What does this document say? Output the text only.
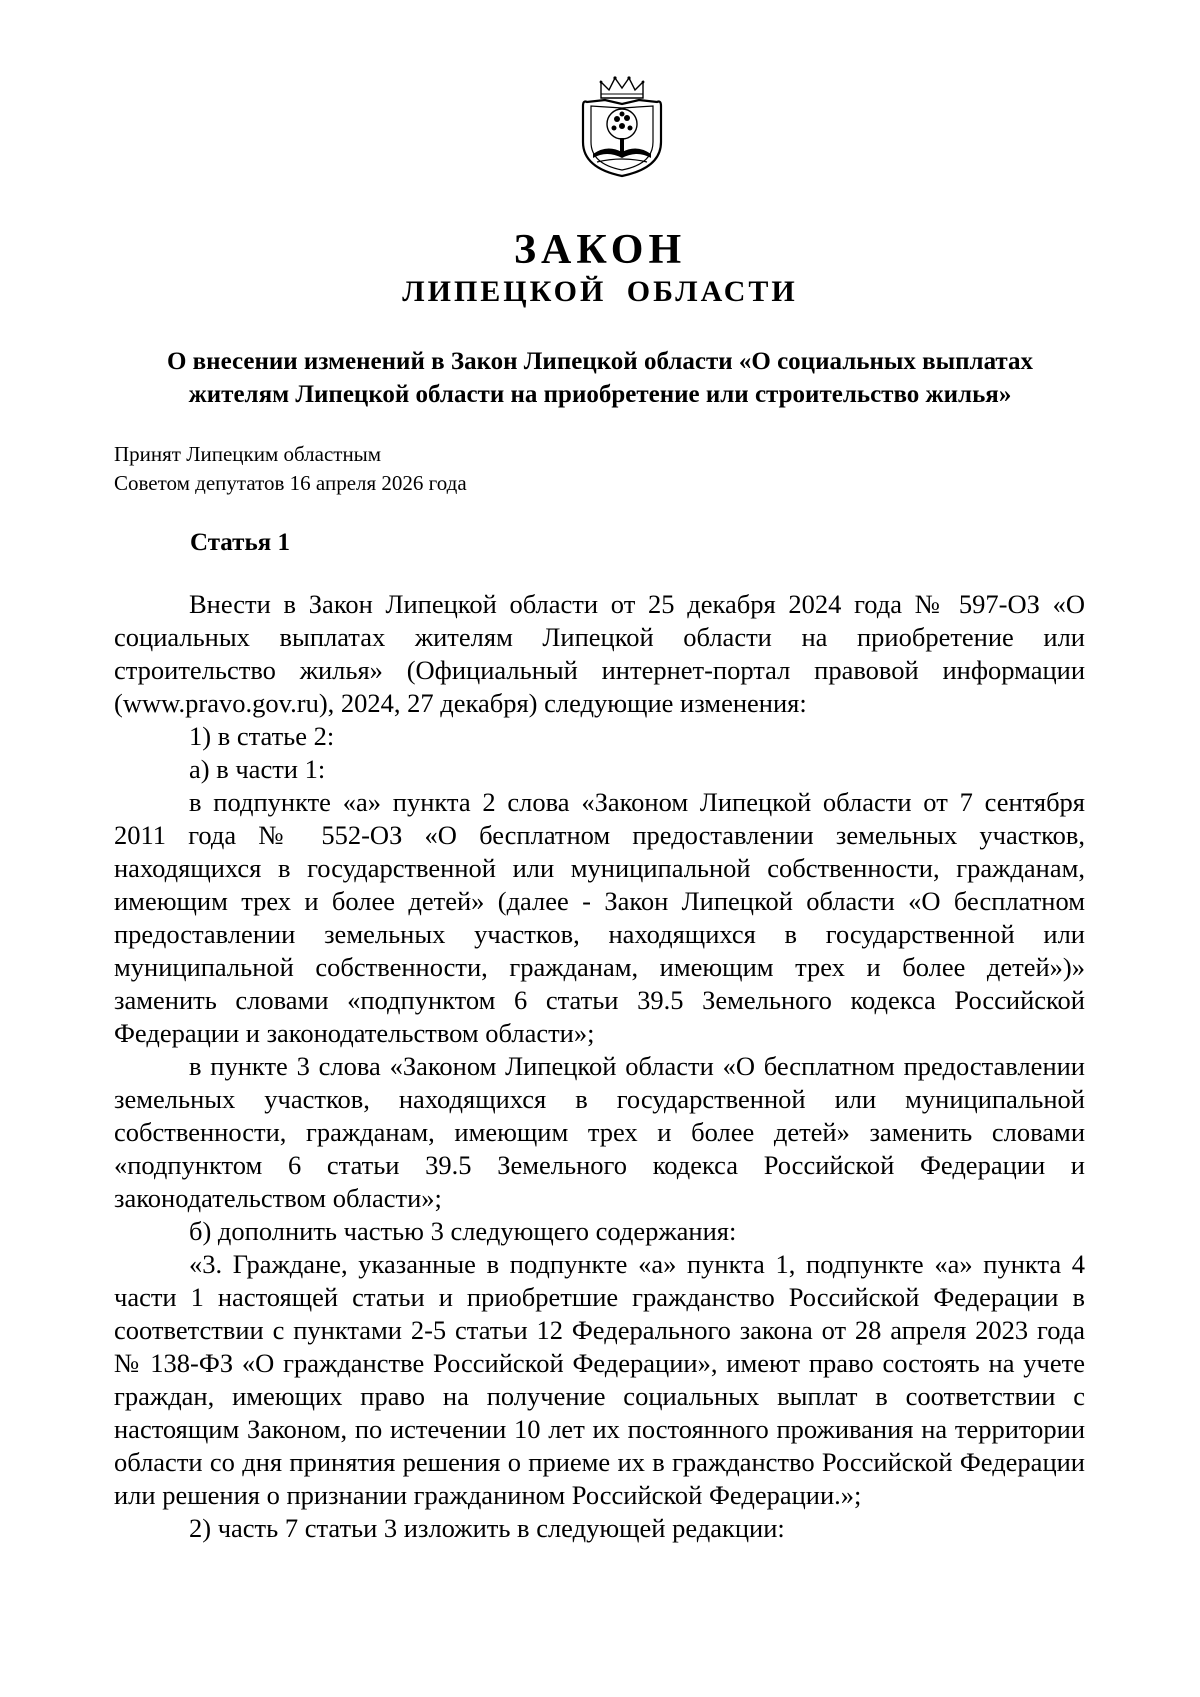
ЗАКОН
ЛИПЕЦКОЙ ОБЛАСТИ
О внесении изменений в Закон Липецкой области «О социальных выплатах жителям Липецкой области на приобретение или строительство жилья»
Принят Липецким областным
Советом депутатов 16 апреля 2026 года
Статья 1

Внести в Закон Липецкой области от 25 декабря 2024 года № 597-ОЗ «О социальных выплатах жителям Липецкой области на приобретение или строительство жилья» (Официальный интернет-портал правовой информации (www.pravo.gov.ru), 2024, 27 декабря) следующие изменения:

1) в статье 2:

а) в части 1:

в подпункте «а» пункта 2 слова «Законом Липецкой области от 7 сентября 2011 года № 552-ОЗ «О бесплатном предоставлении земельных участков, находящихся в государственной или муниципальной собственности, гражданам, имеющим трех и более детей» (далее - Закон Липецкой области «О бесплатном предоставлении земельных участков, находящихся в государственной или муниципальной собственности, гражданам, имеющим трех и более детей»)» заменить словами «подпунктом 6 статьи 39.5 Земельного кодекса Российской Федерации и законодательством области»;

в пункте 3 слова «Законом Липецкой области «О бесплатном предоставлении земельных участков, находящихся в государственной или муниципальной собственности, гражданам, имеющим трех и более детей» заменить словами «подпунктом 6 статьи 39.5 Земельного кодекса Российской Федерации и законодательством области»;

б) дополнить частью 3 следующего содержания:

«3. Граждане, указанные в подпункте «а» пункта 1, подпункте «а» пункта 4 части 1 настоящей статьи и приобретшие гражданство Российской Федерации в соответствии с пунктами 2-5 статьи 12 Федерального закона от 28 апреля 2023 года № 138-ФЗ «О гражданстве Российской Федерации», имеют право состоять на учете граждан, имеющих право на получение социальных выплат в соответствии с настоящим Законом, по истечении 10 лет их постоянного проживания на территории области со дня принятия решения о приеме их в гражданство Российской Федерации или решения о признании гражданином Российской Федерации.»;

2) часть 7 статьи 3 изложить в следующей редакции:
